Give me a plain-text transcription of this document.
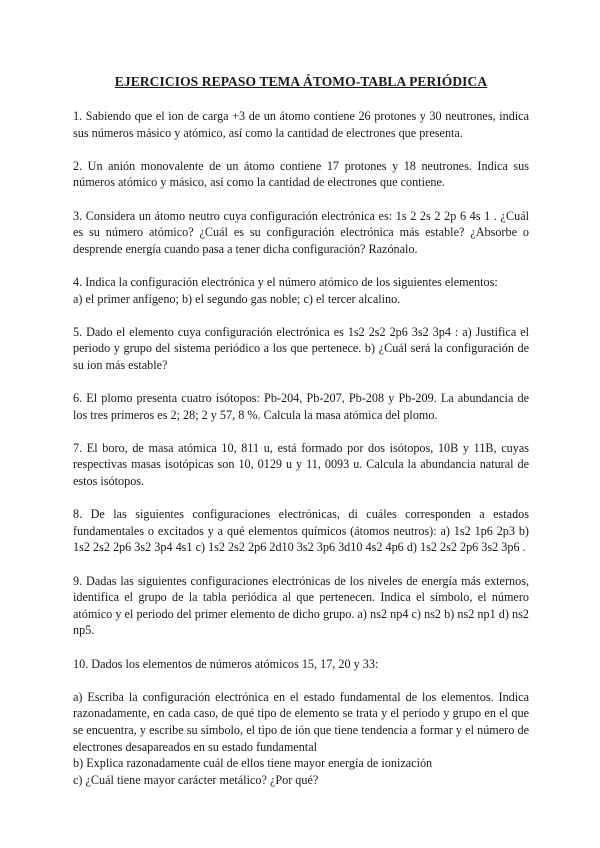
EJERCICIOS REPASO TEMA ÁTOMO-TABLA PERIÓDICA

1. Sabiendo que el ion de carga +3 de un átomo contiene 26 protones y 30 neutrones, indica sus números másico y atómico, así como la cantidad de electrones que presenta.

2. Un anión monovalente de un átomo contiene 17 protones y 18 neutrones. Indica sus números atómico y másico, así como la cantidad de electrones que contiene.

3. Considera un átomo neutro cuya configuración electrónica es: 1s 2 2s 2 2p 6 4s 1 . ¿Cuál es su número atómico? ¿Cuál es su configuración electrónica más estable? ¿Absorbe o desprende energía cuando pasa a tener dicha configuración? Razónalo.

4. Indica la configuración electrónica y el número atómico de los siguientes elementos:

a) el primer anfígeno; b) el segundo gas noble; c) el tercer alcalino.

5. Dado el elemento cuya configuración electrónica es 1s2 2s2 2p6 3s2 3p4 : a) Justifica el periodo y grupo del sistema periódico a los que pertenece. b) ¿Cuál será la configuración de su ion más estable?

6. El plomo presenta cuatro isótopos: Pb-204, Pb-207, Pb-208 y Pb-209. La abundancia de los tres primeros es 2; 28; 2 y 57, 8 %. Calcula la masa atómica del plomo.

7. El boro, de masa atómica 10, 811 u, está formado por dos isótopos, 10B y 11B, cuyas respectivas masas isotópicas son 10, 0129 u y 11, 0093 u. Calcula la abundancia natural de estos isótopos.

8. De las siguientes configuraciones electrónicas, di cuáles corresponden a estados fundamentales o excitados y a qué elementos químicos (átomos neutros): a) 1s2 1p6 2p3 b) 1s2 2s2 2p6 3s2 3p4 4s1 c) 1s2 2s2 2p6 2d10 3s2 3p6 3d10 4s2 4p6 d) 1s2 2s2 2p6 3s2 3p6 .

9. Dadas las siguientes configuraciones electrónicas de los niveles de energía más externos, identifica el grupo de la tabla periódica al que pertenecen. Indica el símbolo, el número atómico y el periodo del primer elemento de dicho grupo. a) ns2 np4 c) ns2 b) ns2 np1 d) ns2 np5.

10. Dados los elementos de números atómicos 15, 17, 20 y 33:

a) Escriba la configuración electrónica en el estado fundamental de los elementos. Indica razonadamente, en cada caso, de qué tipo de elemento se trata y el periodo y grupo en el que se encuentra, y escribe su símbolo, el tipo de ión que tiene tendencia a formar y el número de electrones desapareados en su estado fundamental

b) Explica razonadamente cuál de ellos tiene mayor energía de ionización

c) ¿Cuál tiene mayor carácter metálico? ¿Por qué?
